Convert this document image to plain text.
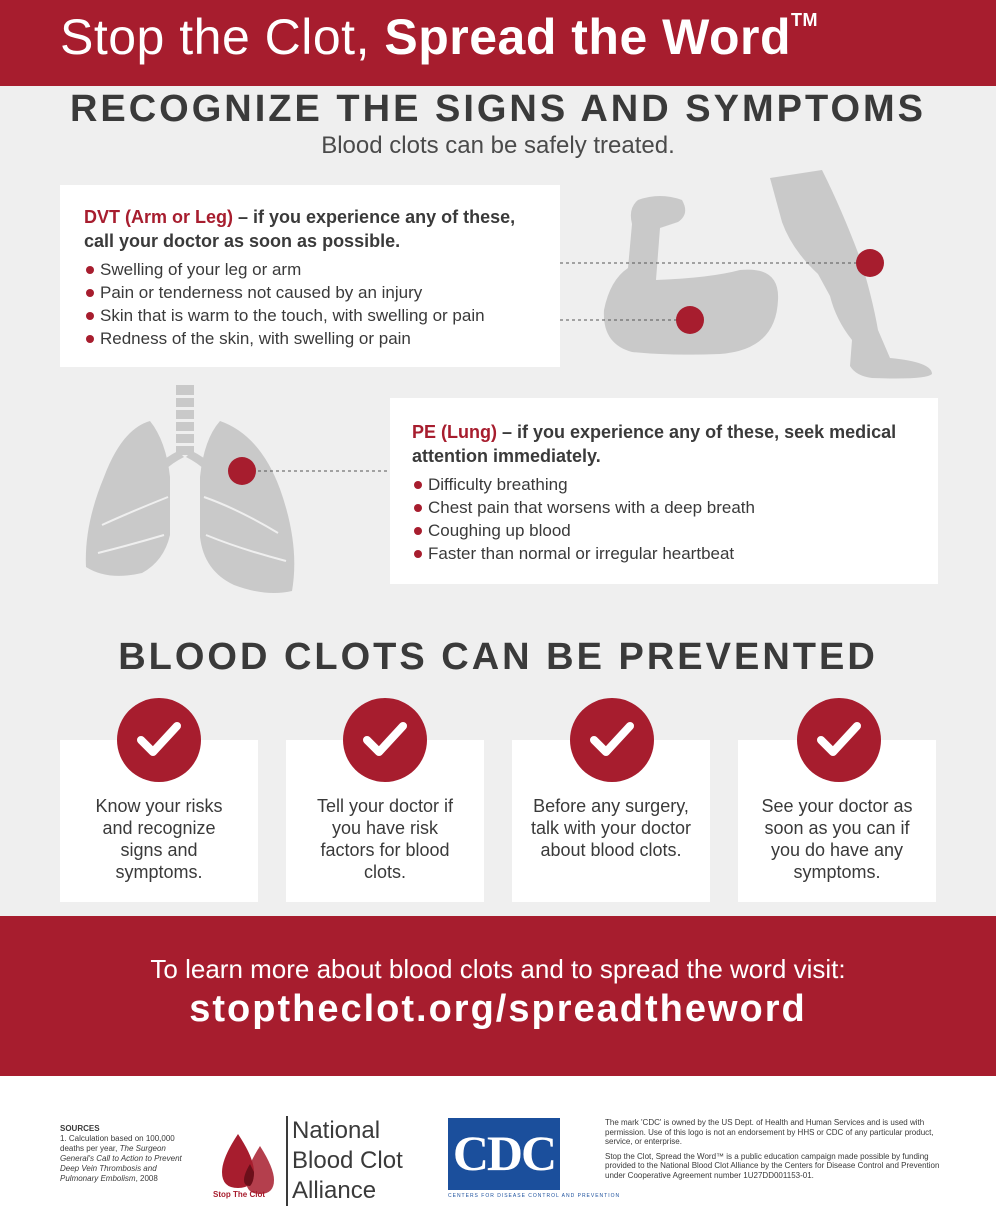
Stop the Clot, Spread the Word™
RECOGNIZE THE SIGNS AND SYMPTOMS
Blood clots can be safely treated.
DVT (Arm or Leg) – if you experience any of these, call your doctor as soon as possible.
Swelling of your leg or arm
Pain or tenderness not caused by an injury
Skin that is warm to the touch, with swelling or pain
Redness of the skin, with swelling or pain
PE (Lung) – if you experience any of these, seek medical attention immediately.
Difficulty breathing
Chest pain that worsens with a deep breath
Coughing up blood
Faster than normal or irregular heartbeat
BLOOD CLOTS CAN BE PREVENTED
Know your risks and recognize signs and symptoms.
Tell your doctor if you have risk factors for blood clots.
Before any surgery, talk with your doctor about blood clots.
See your doctor as soon as you can if you do have any symptoms.
To learn more about blood clots and to spread the word visit:
stoptheclot.org/spreadtheword
SOURCES
1. Calculation based on 100,000 deaths per year, The Surgeon General's Call to Action to Prevent Deep Vein Thrombosis and Pulmonary Embolism, 2008
Stop The Clot
National
Blood Clot
Alliance
CDC
CENTERS FOR DISEASE CONTROL AND PREVENTION

The mark 'CDC' is owned by the US Dept. of Health and Human Services and is used with permission. Use of this logo is not an endorsement by HHS or CDC of any particular product, service, or enterprise.

Stop the Clot, Spread the Word™ is a public education campaign made possible by funding provided to the National Blood Clot Alliance by the Centers for Disease Control and Prevention under Cooperative Agreement number 1U27DD001153-01.
